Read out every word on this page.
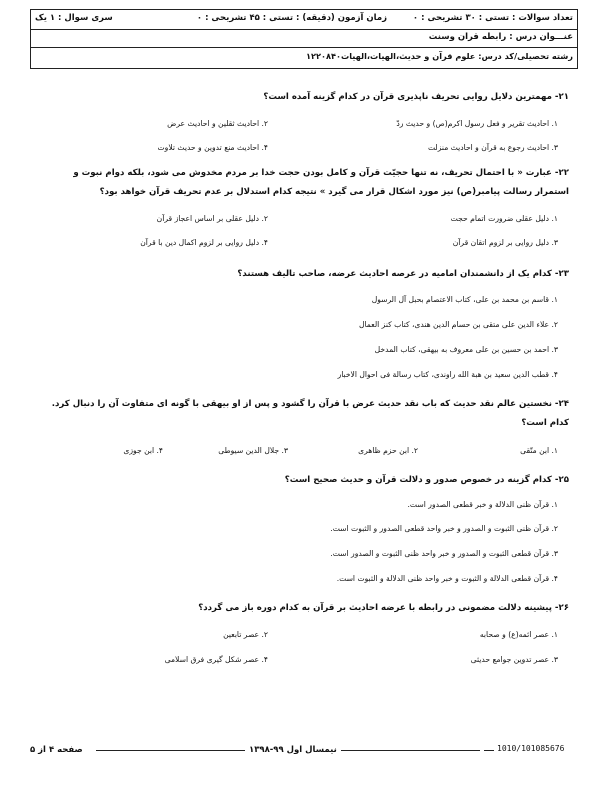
تعداد سوالات : تستی : ۳۰ تشریحی : ۰
زمان آزمون (دقیقه) : تستی : ۴۵ تشریحی : ۰
سری سوال : ۱ یک
عنـــوان درس : رابطه قران وسنت
رشته تحصیلی/کد درس: علوم قرآن و حدیث،الهیات،الهیات۱۲۲۰۸۴۰
۲۱- مهمترین دلایل روایی تحریف ناپذیری قرآن در کدام گزینه آمده است؟
۱. احادیث تقریر و فعل رسول اکرم(ص) و حدیث ردّ
۲. احادیث ثقلین و احادیث عرض
۳. احادیث رجوع به قرآن و احادیث منزلت
۴. احادیث منع تدوین و حدیث تلاوت
۲۲- عبارت « با احتمال تحریف، نه تنها حجیّت قرآن و کامل بودن حجت خدا بر مردم مخدوش می شود، بلکه دوام نبوت و
استمرار رسالت پیامبر(ص) نیز مورد اشکال قرار می گیرد » نتیجه کدام استدلال بر عدم تحریف قرآن خواهد بود؟
۱. دلیل عقلی ضرورت اتمام حجت
۲. دلیل عقلی بر اساس اعجاز قرآن
۳. دلیل روایی بر لزوم اتقان قرآن
۴. دلیل روایی بر لزوم اکمال دین با قرآن
۲۳- کدام یک از دانشمندان امامیه در عرصه احادیث عرضه، صاحب تالیف هستند؟
۱. قاسم بن محمد بن علی، کتاب الاعتصام بحبل آل الرسول
۲. علاء الدین علی متقی بن حسام الدین هندی، کتاب کنز العمال
۳. احمد بن حسین بن علی معروف به بیهقی، کتاب المدخل
۴. قطب الدین سعید بن هبة الله راوندی، کتاب رسالة فی احوال الاخبار
۲۴- نخستین عالم نقد حدیث که باب نقد حدیث عرض با قرآن را گشود و پس از او بیهقی با گونه ای متفاوت آن را دنبال کرد.
کدام است؟
۱. ابن متّقی
۲. ابن حزم ظاهری
۳. جلال الدین سیوطی
۴. ابن جوزی
۲۵- کدام گزینه در خصوص صدور و دلالت قرآن و حدیث صحیح است؟
۱. قرآن ظنی الدلالة و خبر قطعی الصدور است.
۲. قرآن ظنی الثبوت و الصدور و خبر واحد قطعی الصدور و الثبوت است.
۳. قرآن قطعی الثبوت و الصدور و خبر واحد ظنی الثبوت و الصدور است.
۴. قرآن قطعی الدلالة و الثبوت و خبر واحد ظنی الدلالة و الثبوت است.
۲۶- پیشینه دلالت مضمونی در رابطه با عرضه احادیث بر قرآن به کدام دوره باز می گردد؟
۱. عصر ائمه(ع) و صحابه
۲. عصر تابعین
۳. عصر تدوین جوامع حدیثی
۴. عصر شکل گیری فرق اسلامی
صفحه ۴ از ۵	نیمسال اول ۹۹-۱۳۹۸	1010/101085676
